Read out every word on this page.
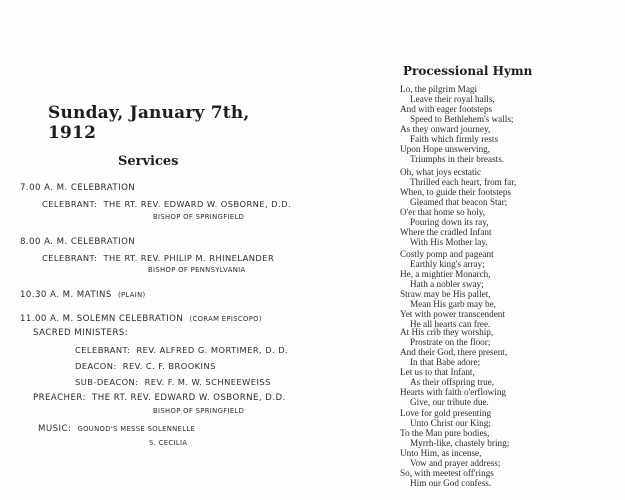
Sunday, January 7th, 1912
Services
7.00 A. M. CELEBRATION
CELEBRANT: THE RT. REV. EDWARD W. OSBORNE, D.D.
BISHOP OF SPRINGFIELD
8.00 A. M. CELEBRATION
CELEBRANT: THE RT. REV. PHILIP M. RHINELANDER
BISHOP OF PENNSYLVANIA
10.30 A. M. MATINS (PLAIN)
11.00 A. M. SOLEMN CELEBRATION (CORAM EPISCOPO)
SACRED MINISTERS:
CELEBRANT: REV. ALFRED G. MORTIMER, D. D.
DEACON: REV. C. F. BROOKINS
SUB-DEACON: REV. F. M. W. SCHNEEWEISS
PREACHER: THE RT. REV. EDWARD W. OSBORNE, D.D.
BISHOP OF SPRINGFIELD
MUSIC: GOUNOD'S MESSE SOLENNELLE
S. CECILIA
Processional Hymn
Lo, the pilgrim Magi
Leave their royal halls,
And with eager footsteps
Speed to Bethlehem's walls;
As they onward journey,
Faith which firmly rests
Upon Hope unswerving,
Triumphs in their breasts.
Oh, what joys ecstatic
Thrilled each heart, from far,
When, to guide their footsteps
Gleamed that beacon Star;
O'er that home so holy,
Pouring down its ray,
Where the cradled Infant
With His Mother lay.
Costly pomp and pageant
Earthly king's array;
He, a mightier Monarch,
Hath a nobler sway;
Straw may be His pallet,
Mean His garb may be,
Yet with power transcendent
He all hearts can free.
At His crib they worship,
Prostrate on the floor;
And their God, there present,
In that Babe adore;
Let us to that Infant,
As their offspring true,
Hearts with faith o'erflowing
Give, our tribute due.
Love for gold presenting
Unto Christ our King;
To the Man pure bodies,
Myrrh-like, chastely bring;
Unto Him, as incense,
Vow and prayer address;
So, with meetest off'rings
Him our God confess.
